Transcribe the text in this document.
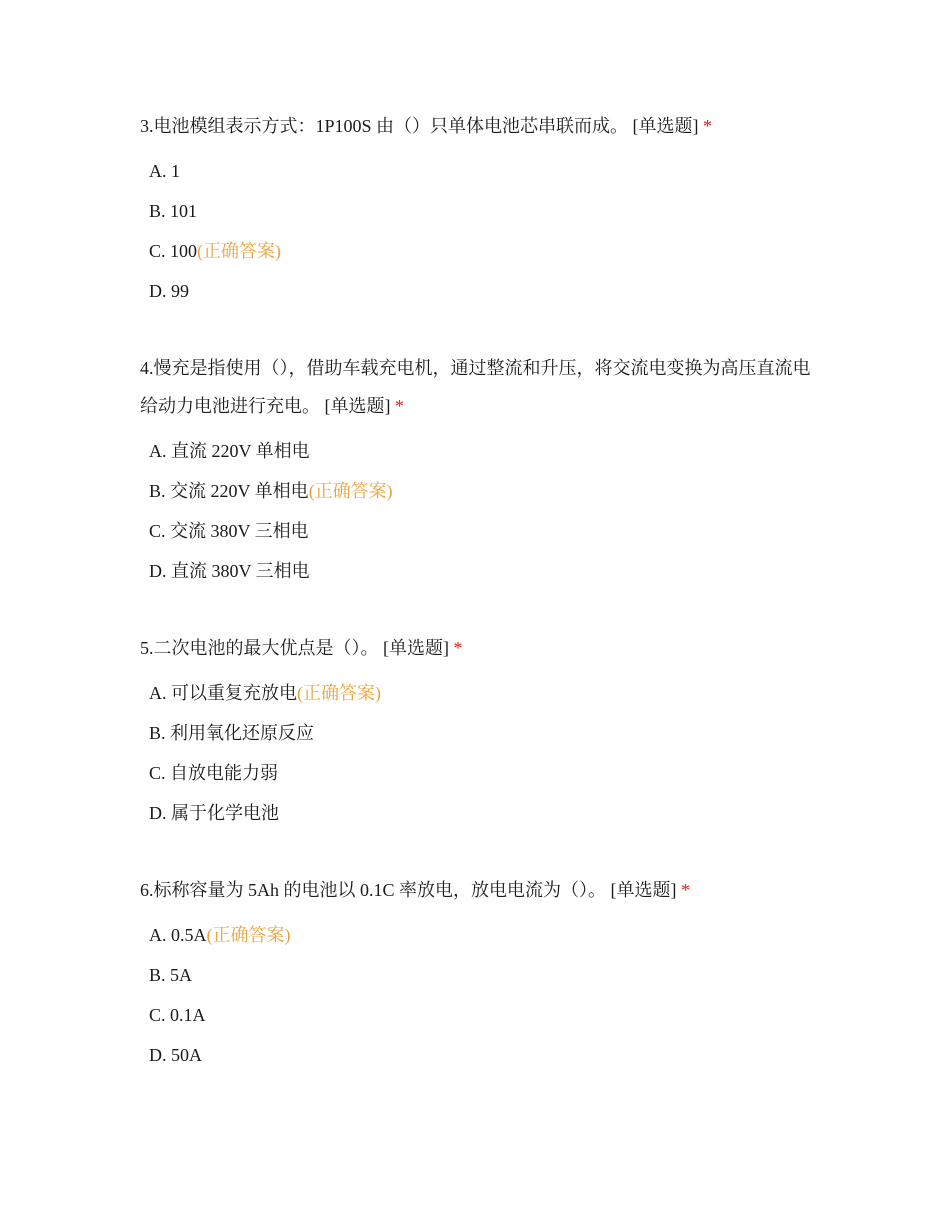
3.电池模组表示方式：1P100S 由（）只单体电池芯串联而成。 [单选题] *
A. 1
B. 101
C. 100(正确答案)
D. 99
4.慢充是指使用（），借助车载充电机，通过整流和升压，将交流电变换为高压直流电 给动力电池进行充电。 [单选题] *
A. 直流 220V 单相电
B. 交流 220V 单相电(正确答案)
C. 交流 380V 三相电
D. 直流 380V 三相电
5.二次电池的最大优点是（）。 [单选题] *
A. 可以重复充放电(正确答案)
B. 利用氧化还原反应
C. 自放电能力弱
D. 属于化学电池
6.标称容量为 5Ah 的电池以 0.1C 率放电，放电电流为（）。 [单选题] *
A. 0.5A(正确答案)
B. 5A
C. 0.1A
D. 50A
